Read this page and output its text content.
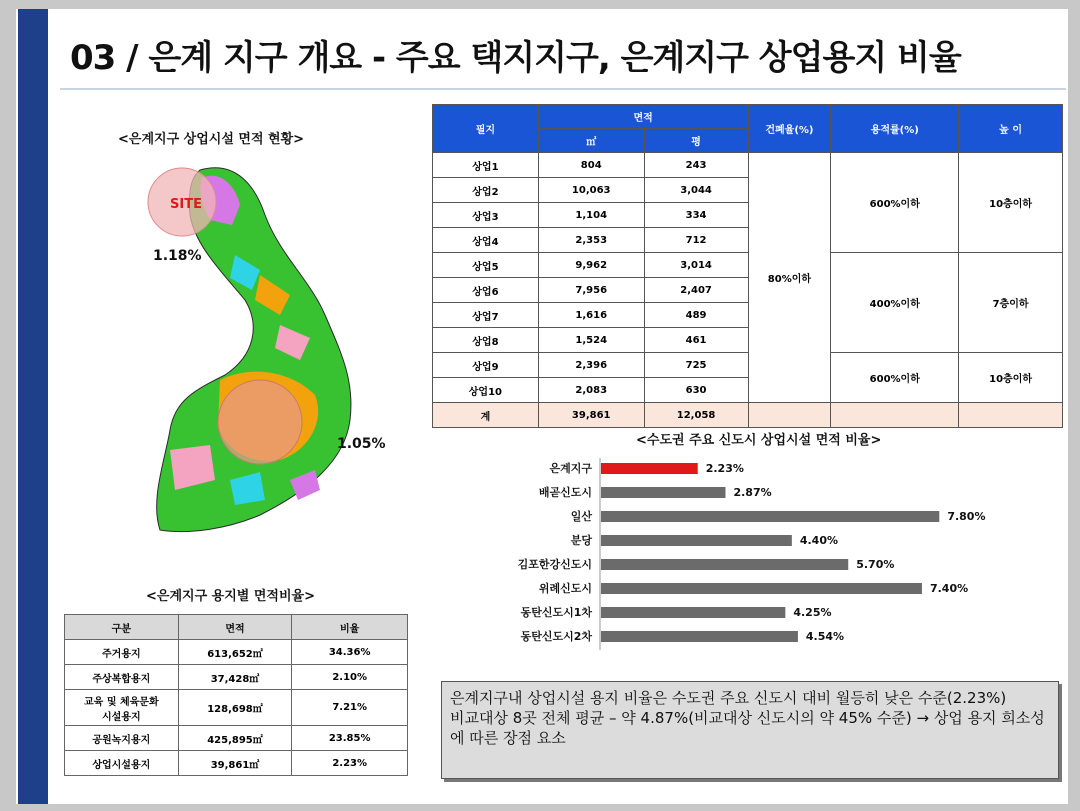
03 / 은계 지구 개요 - 주요 택지지구, 은계지구 상업용지 비율
<은계지구 상업시설 면적 현황>
SITE
1.18%
1.05%
필지	면적		건폐율(%)	용적률(%)	높 이
	㎡	평			
상업1	804	243	80%이하	600%이하	10층이하
상업2	10,063	3,044			
상업3	1,104	334			
상업4	2,353	712			
상업5	9,962	3,014		400%이하	7층이하
상업6	7,956	2,407			
상업7	1,616	489			
상업8	1,524	461			
상업9	2,396	725		600%이하	10층이하
상업10	2,083	630			
계	39,861	12,058			
<수도권 주요 신도시 상업시설 면적 비율>
은계지구	2.23%
배곧신도시	2.87%
일산	7.80%
분당	4.40%
김포한강신도시	5.70%
위례신도시	7.40%
동탄신도시1차	4.25%
동탄신도시2차	4.54%
<은계지구 용지별 면적비율>
구분	면적	비율
주거용지	613,652㎡	34.36%
주상복합용지	37,428㎡	2.10%
교육 및 체육문화 시설용지	128,698㎡	7.21%
공원녹지용지	425,895㎡	23.85%
상업시설용지	39,861㎡	2.23%

은계지구내 상업시설 용지 비율은 수도권 주요 신도시 대비 월등히 낮은 수준(2.23%)

비교대상 8곳 전체 평균 – 약 4.87%(비교대상 신도시의 약 45% 수준) → 상업 용지 희소성에 따른 장점 요소
